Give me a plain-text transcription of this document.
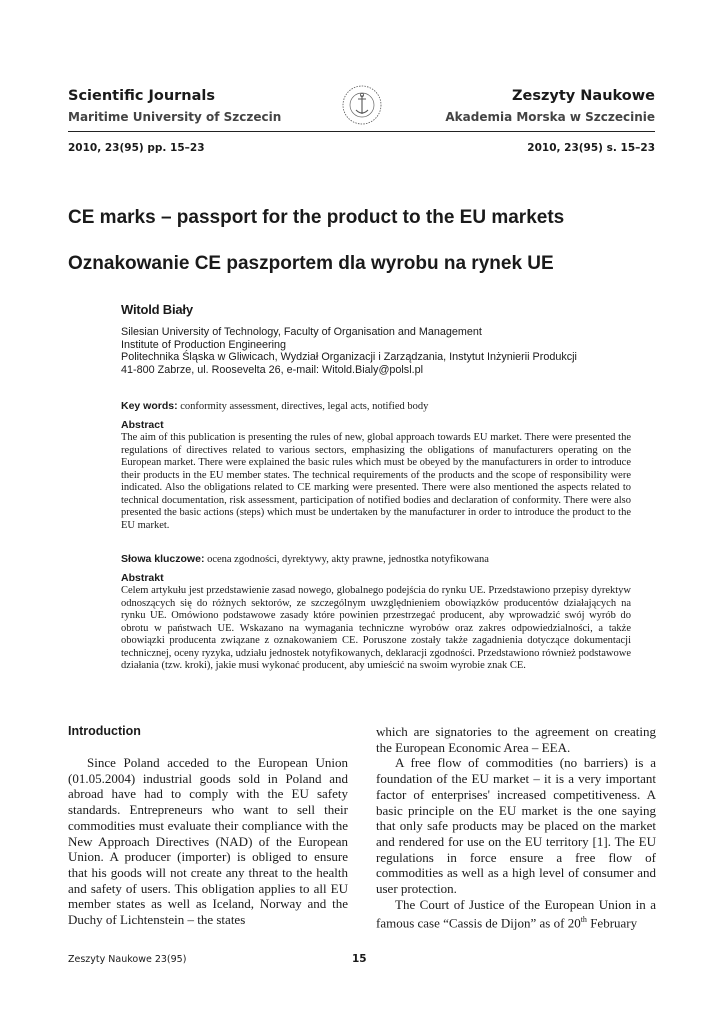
Scientific Journals
Maritime University of Szczecin
Zeszyty Naukowe
Akademia Morska w Szczecinie
2010, 23(95) pp. 15–23	2010, 23(95) s. 15–23
CE marks – passport for the product to the EU markets
Oznakowanie CE paszportem dla wyrobu na rynek UE
Witold Biały
Silesian University of Technology, Faculty of Organisation and Management
Institute of Production Engineering
Politechnika Śląska w Gliwicach, Wydział Organizacji i Zarządzania, Instytut Inżynierii Produkcji
41-800 Zabrze, ul. Roosevelta 26, e-mail: Witold.Bialy@polsl.pl
Key words: conformity assessment, directives, legal acts, notified body
Abstract

The aim of this publication is presenting the rules of new, global approach towards EU market. There were presented the regulations of directives related to various sectors, emphasizing the obligations of manufacturers operating on the European market. There were explained the basic rules which must be obeyed by the manufacturers in order to introduce their products in the EU member states. The technical requirements of the products and the scope of responsibility were indicated. Also the obligations related to CE marking were presented. There were also mentioned the aspects related to technical documentation, risk assessment, participation of notified bodies and declaration of conformity. There were also presented the basic actions (steps) which must be undertaken by the manufacturer in order to introduce the product to the EU market.

Słowa kluczowe: ocena zgodności, dyrektywy, akty prawne, jednostka notyfikowana
Abstrakt

Celem artykułu jest przedstawienie zasad nowego, globalnego podejścia do rynku UE. Przedstawiono przepisy dyrektyw odnoszących się do różnych sektorów, ze szczególnym uwzględnieniem obowiązków producentów działających na rynku UE. Omówiono podstawowe zasady które powinien przestrzegać producent, aby wprowadzić swój wyrób do obrotu w państwach UE. Wskazano na wymagania techniczne wyrobów oraz zakres odpowiedzialności, a także obowiązki producenta związane z oznakowaniem CE. Poruszone zostały także zagadnienia dotyczące dokumentacji technicznej, oceny ryzyka, udziału jednostek notyfikowanych, deklaracji zgodności. Przedstawiono również podstawowe działania (tzw. kroki), jakie musi wykonać producent, aby umieścić na swoim wyrobie znak CE.

Introduction

Since Poland acceded to the European Union (01.05.2004) industrial goods sold in Poland and abroad have had to comply with the EU safety standards. Entrepreneurs who want to sell their commodities must evaluate their compliance with the New Approach Directives (NAD) of the European Union. A producer (importer) is obliged to ensure that his goods will not create any threat to the health and safety of users. This obligation applies to all EU member states as well as Iceland, Norway and the Duchy of Lichtenstein – the states

which are signatories to the agreement on creating the European Economic Area – EEA.

A free flow of commodities (no barriers) is a foundation of the EU market – it is a very important factor of enterprises' increased competitiveness. A basic principle on the EU market is the one saying that only safe products may be placed on the market and rendered for use on the EU territory [1]. The EU regulations in force ensure a free flow of commodities as well as a high level of consumer and user protection.

The Court of Justice of the European Union in a famous case “Cassis de Dijon” as of 20th February

Zeszyty Naukowe 23(95)	15
